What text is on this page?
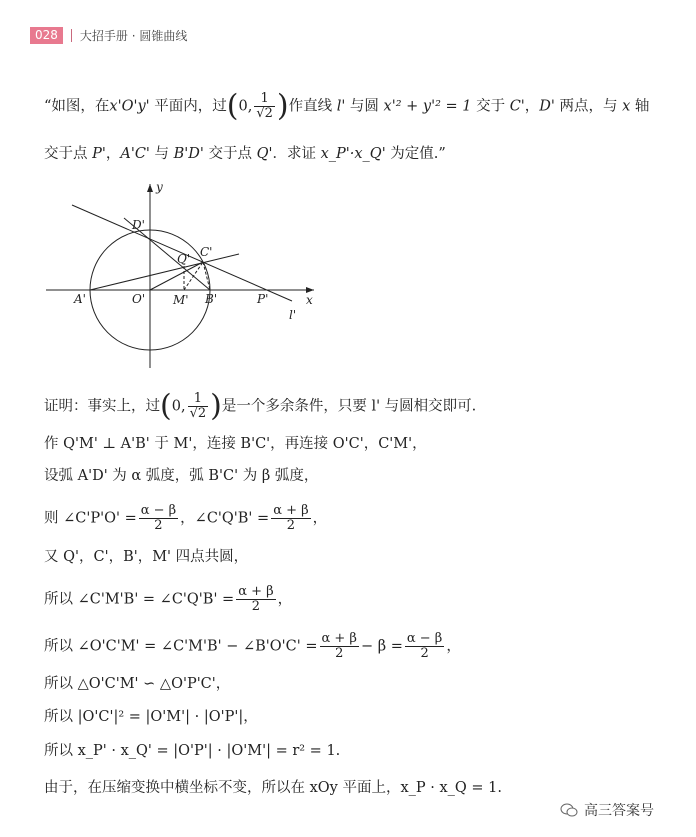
028	大招手册 · 圆锥曲线
“如图，在x'O'y' 平面内，过(0, $\frac{1}{√2}$ )作直线 l' 与圆 x'² + y'² = 1 交于 C'，D' 两点，与 x 轴
交于点 P'，A'C' 与 B'D' 交于点 Q'．求证 x_P'·x_Q' 为定值.”
y
x
D'
C'
Q'
A'	O' M' B'	P'
l'
证明：事实上，过(0, $\frac{1}{√2}$ )是一个多余条件，只要 l' 与圆相交即可.
作 Q'M' ⊥ A'B' 于 M'，连接 B'C'，再连接 O'C'，C'M'，
设弧 A'D' 为 α 弧度，弧 B'C' 为 β 弧度，
则 ∠C'P'O' = $\frac{\alpha - \beta}{2}$ ，∠C'Q'B' = $\frac{\alpha + \beta}{2}$ ，
又 Q'，C'，B'，M' 四点共圆，
所以 ∠C'M'B' = ∠C'Q'B' = $\frac{\alpha + \beta}{2}$ ，
所以 ∠O'C'M' = ∠C'M'B' − ∠B'O'C' = $\frac{\alpha + \beta}{2} - \beta = \frac{\alpha - \beta}{2}$ ，
所以 △O'C'M' ∽ △O'P'C'，
所以 |O'C'|² = |O'M'| · |O'P'|，
所以 x_P' · x_Q' = |O'P'| · |O'M'| = r² = 1.
由于，在压缩变换中横坐标不变，所以在 xOy 平面上，x_P · x_Q = 1.
高三答案号
